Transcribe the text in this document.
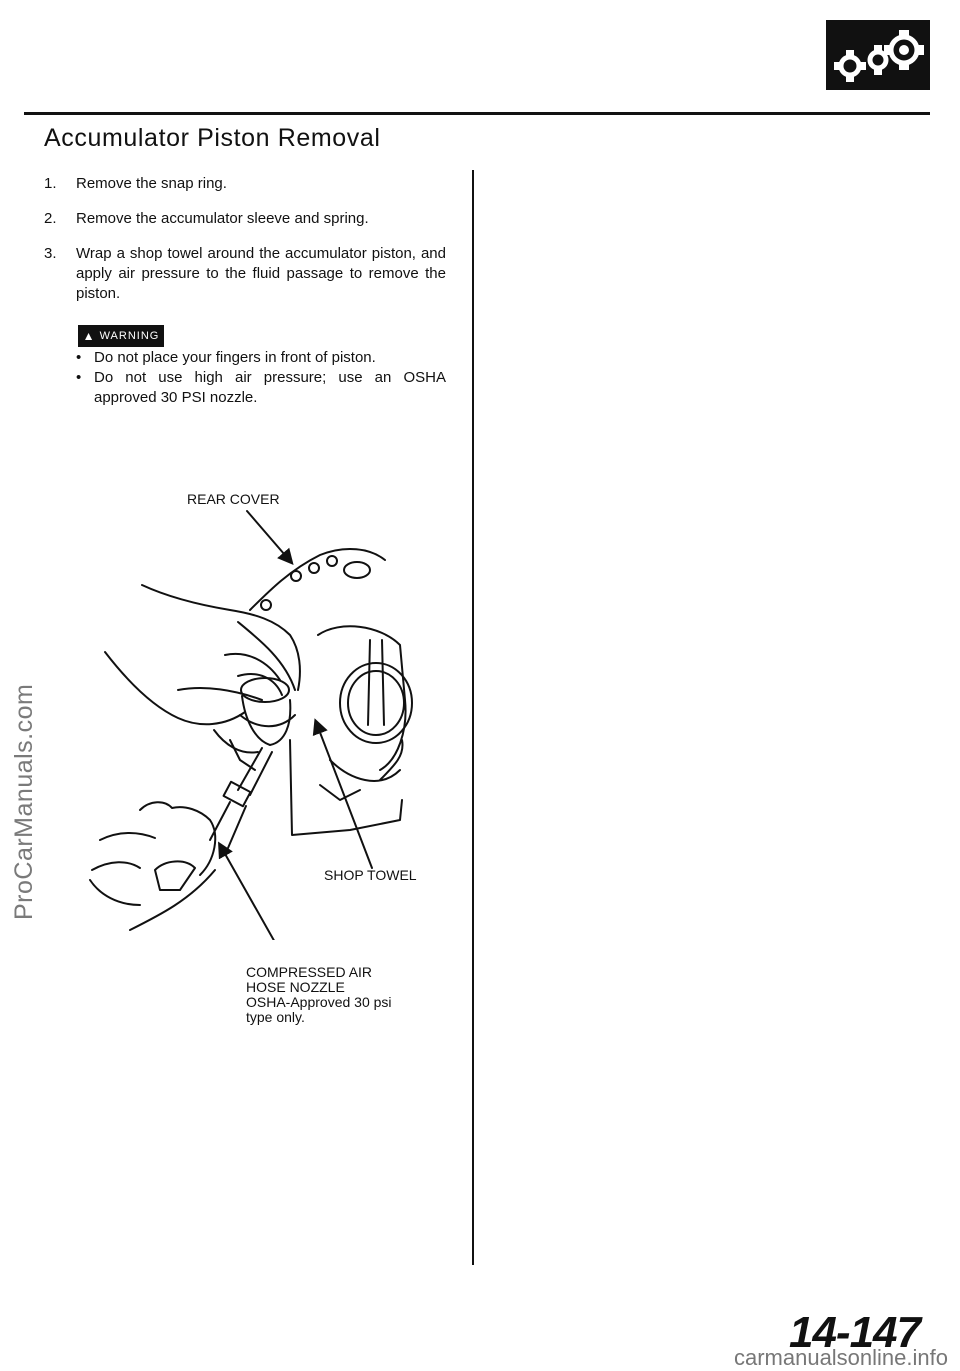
Accumulator Piston Removal
1. Remove the snap ring.
2. Remove the accumulator sleeve and spring.
3. Wrap a shop towel around the accumulator piston, and apply air pressure to the fluid passage to remove the piston.
▲ WARNING
• Do not place your fingers in front of piston.
• Do not use high air pressure; use an OSHA approved 30 PSI nozzle.
REAR COVER
SHOP TOWEL
COMPRESSED AIR
HOSE NOZZLE
OSHA-Approved 30 psi
type only.
ProCarManuals.com
14-147
carmanualsonline.info
